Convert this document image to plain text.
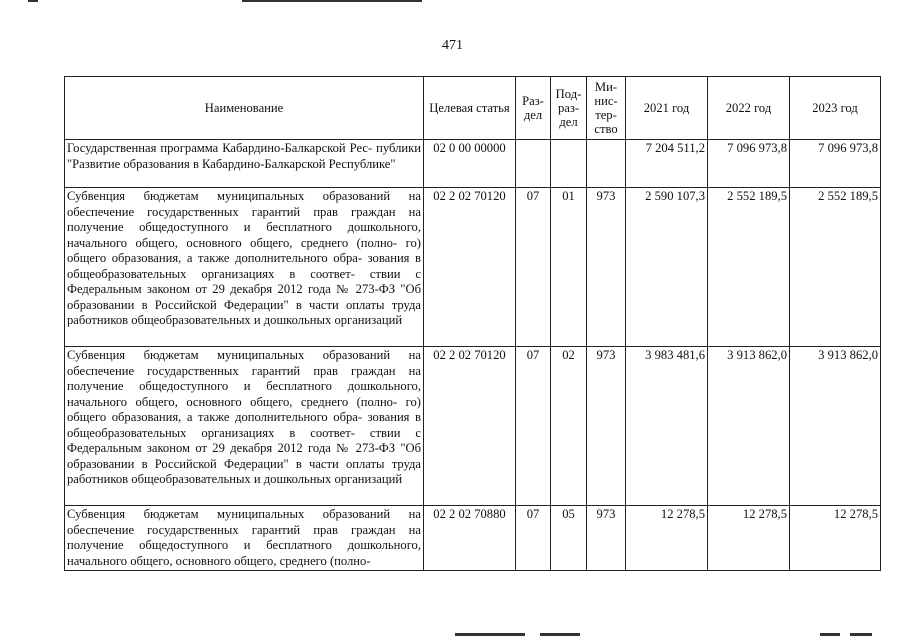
471
Наименование	Целевая статья	Раз- дел	Под- раз- дел	Ми- нис- тер- ство	2021 год	2022 год	2023 год
Государственная программа Кабардино-Балкарской Рес- публики "Развитие образования в Кабардино-Балкарской Республике"	02 0 00 00000				7 204 511,2	7 096 973,8	7 096 973,8
Субвенция бюджетам муниципальных образований на обеспечение государственных гарантий прав граждан на получение общедоступного и бесплатного дошкольного, начального общего, основного общего, среднего (полно- го) общего образования, а также дополнительного обра- зования в общеобразовательных организациях в соответ- ствии с Федеральным законом от 29 декабря 2012 года № 273-ФЗ "Об образовании в Российской Федерации" в части оплаты труда работников общеобразовательных и дошкольных организаций	02 2 02 70120	07	01	973	2 590 107,3	2 552 189,5	2 552 189,5
Субвенция бюджетам муниципальных образований на обеспечение государственных гарантий прав граждан на получение общедоступного и бесплатного дошкольного, начального общего, основного общего, среднего (полно- го) общего образования, а также дополнительного обра- зования в общеобразовательных организациях в соответ- ствии с Федеральным законом от 29 декабря 2012 года № 273-ФЗ "Об образовании в Российской Федерации" в части оплаты труда работников общеобразовательных и дошкольных организаций	02 2 02 70120	07	02	973	3 983 481,6	3 913 862,0	3 913 862,0
Субвенция бюджетам муниципальных образований на обеспечение государственных гарантий прав граждан на получение общедоступного и бесплатного дошкольного, начального общего, основного общего, среднего (полно-	02 2 02 70880	07	05	973	12 278,5	12 278,5	12 278,5
